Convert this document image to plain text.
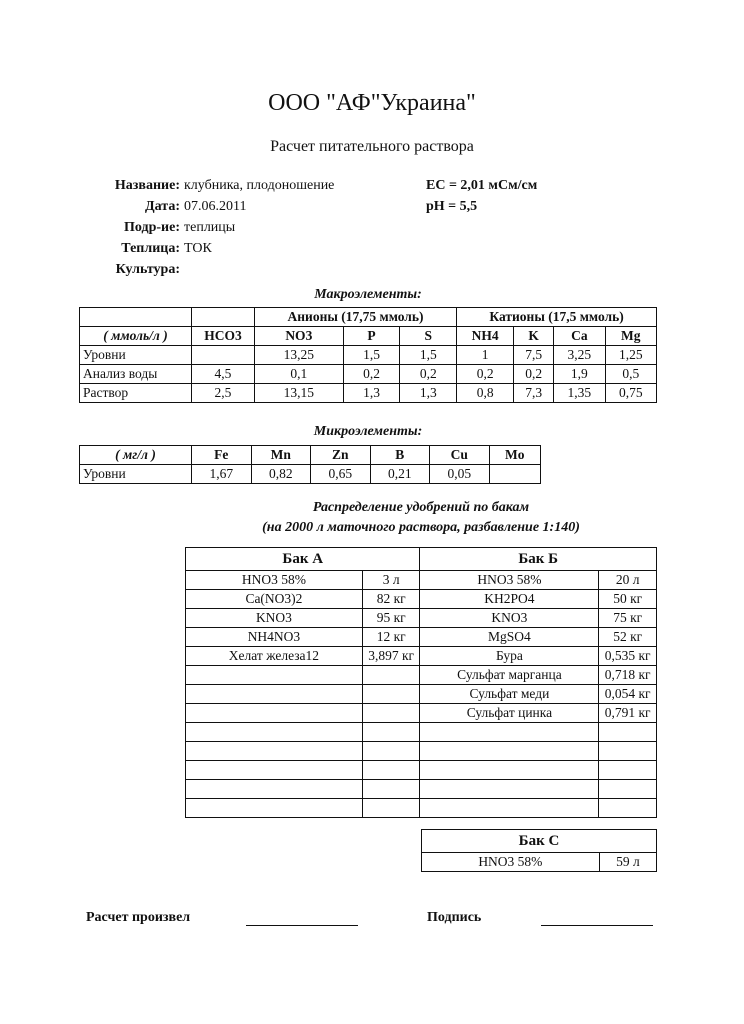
ООО "АФ"Украина"
Расчет питательного раствора
Название: клубника, плодоношение
Дата: 07.06.2011
Подр-ие: теплицы
Теплица: ТОК
Культура:
ЕС = 2,01 мСм/см
рН = 5,5
Макроэлементы:
		Анионы (17,75 ммоль)			Катионы (17,5 ммоль)			
( ммоль/л )	HCO3	NO3	P	S	NH4	K	Ca	Mg
Уровни		13,25	1,5	1,5	1	7,5	3,25	1,25
Анализ воды	4,5	0,1	0,2	0,2	0,2	0,2	1,9	0,5
Раствор	2,5	13,15	1,3	1,3	0,8	7,3	1,35	0,75
Микроэлементы:
( мг/л )	Fe	Mn	Zn	B	Cu	Mo
Уровни	1,67	0,82	0,65	0,21	0,05	
Распределение удобрений по бакам
(на 2000 л маточного раствора, разбавление 1:140)
Бак А		Бак Б	
HNO3 58%	3 л	HNO3 58%	20 л
Ca(NO3)2	82 кг	KH2PO4	50 кг
KNO3	95 кг	KNO3	75 кг
NH4NO3	12 кг	MgSO4	52 кг
Хелат железа12	3,897 кг	Бура	0,535 кг
		Сульфат марганца	0,718 кг
		Сульфат меди	0,054 кг
		Сульфат цинка	0,791 кг

Бак С
HNO3 58%	59 л
Расчет произвел	Подпись
